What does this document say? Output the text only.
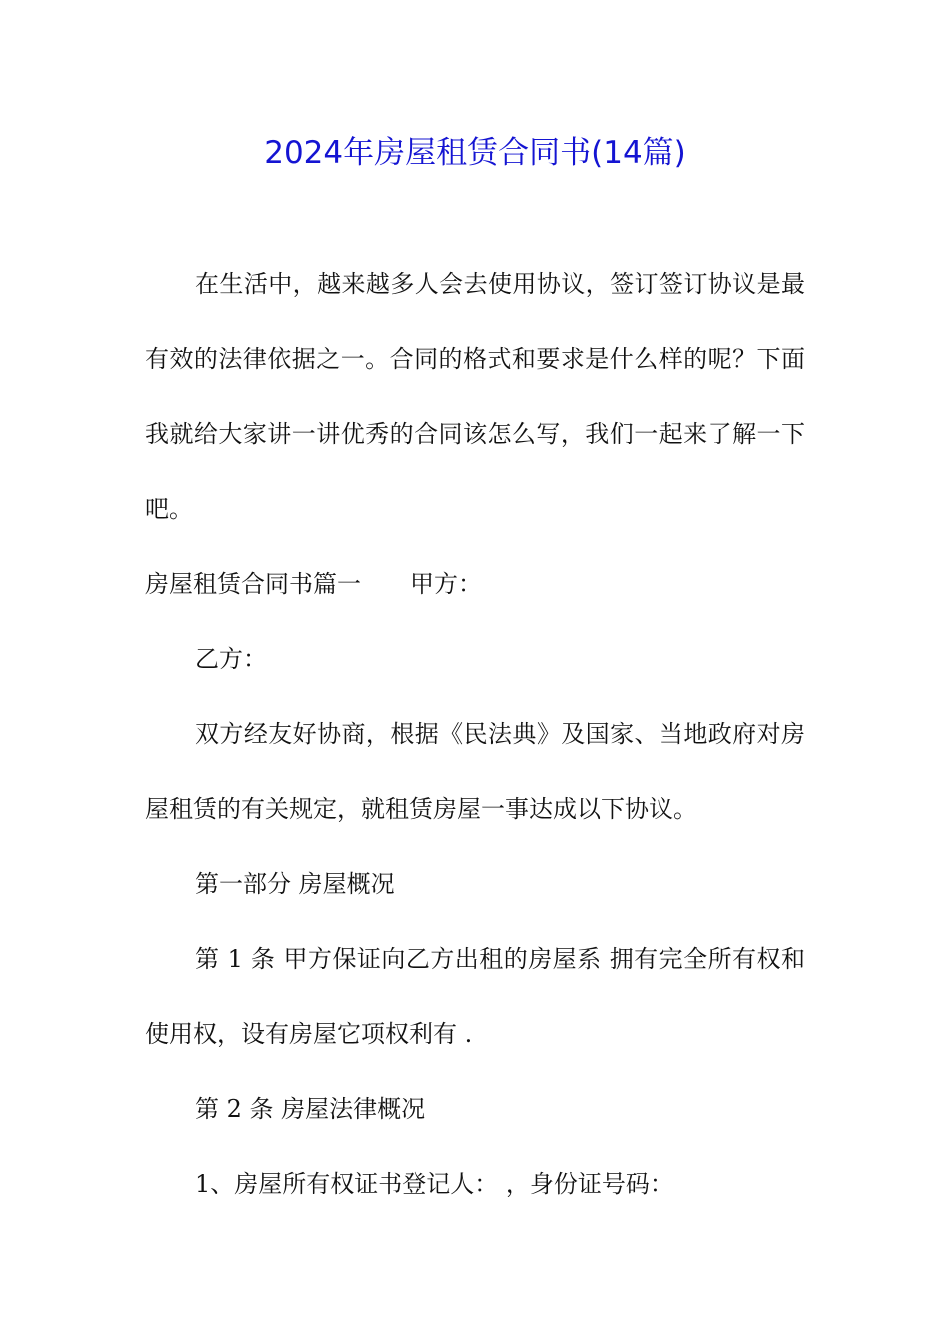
2024年房屋租赁合同书(14篇)
在生活中，越来越多人会去使用协议，签订签订协议是最
有效的法律依据之一。合同的格式和要求是什么样的呢？下面
我就给大家讲一讲优秀的合同该怎么写，我们一起来了解一下
吧。
房屋租赁合同书篇一 甲方：
乙方：
双方经友好协商，根据《民法典》及国家、当地政府对房
屋租赁的有关规定，就租赁房屋一事达成以下协议。
第一部分 房屋概况
第 1 条 甲方保证向乙方出租的房屋系 拥有完全所有权和
使用权，设有房屋它项权利有 .
第 2 条 房屋法律概况
1、房屋所有权证书登记人： ，身份证号码：
